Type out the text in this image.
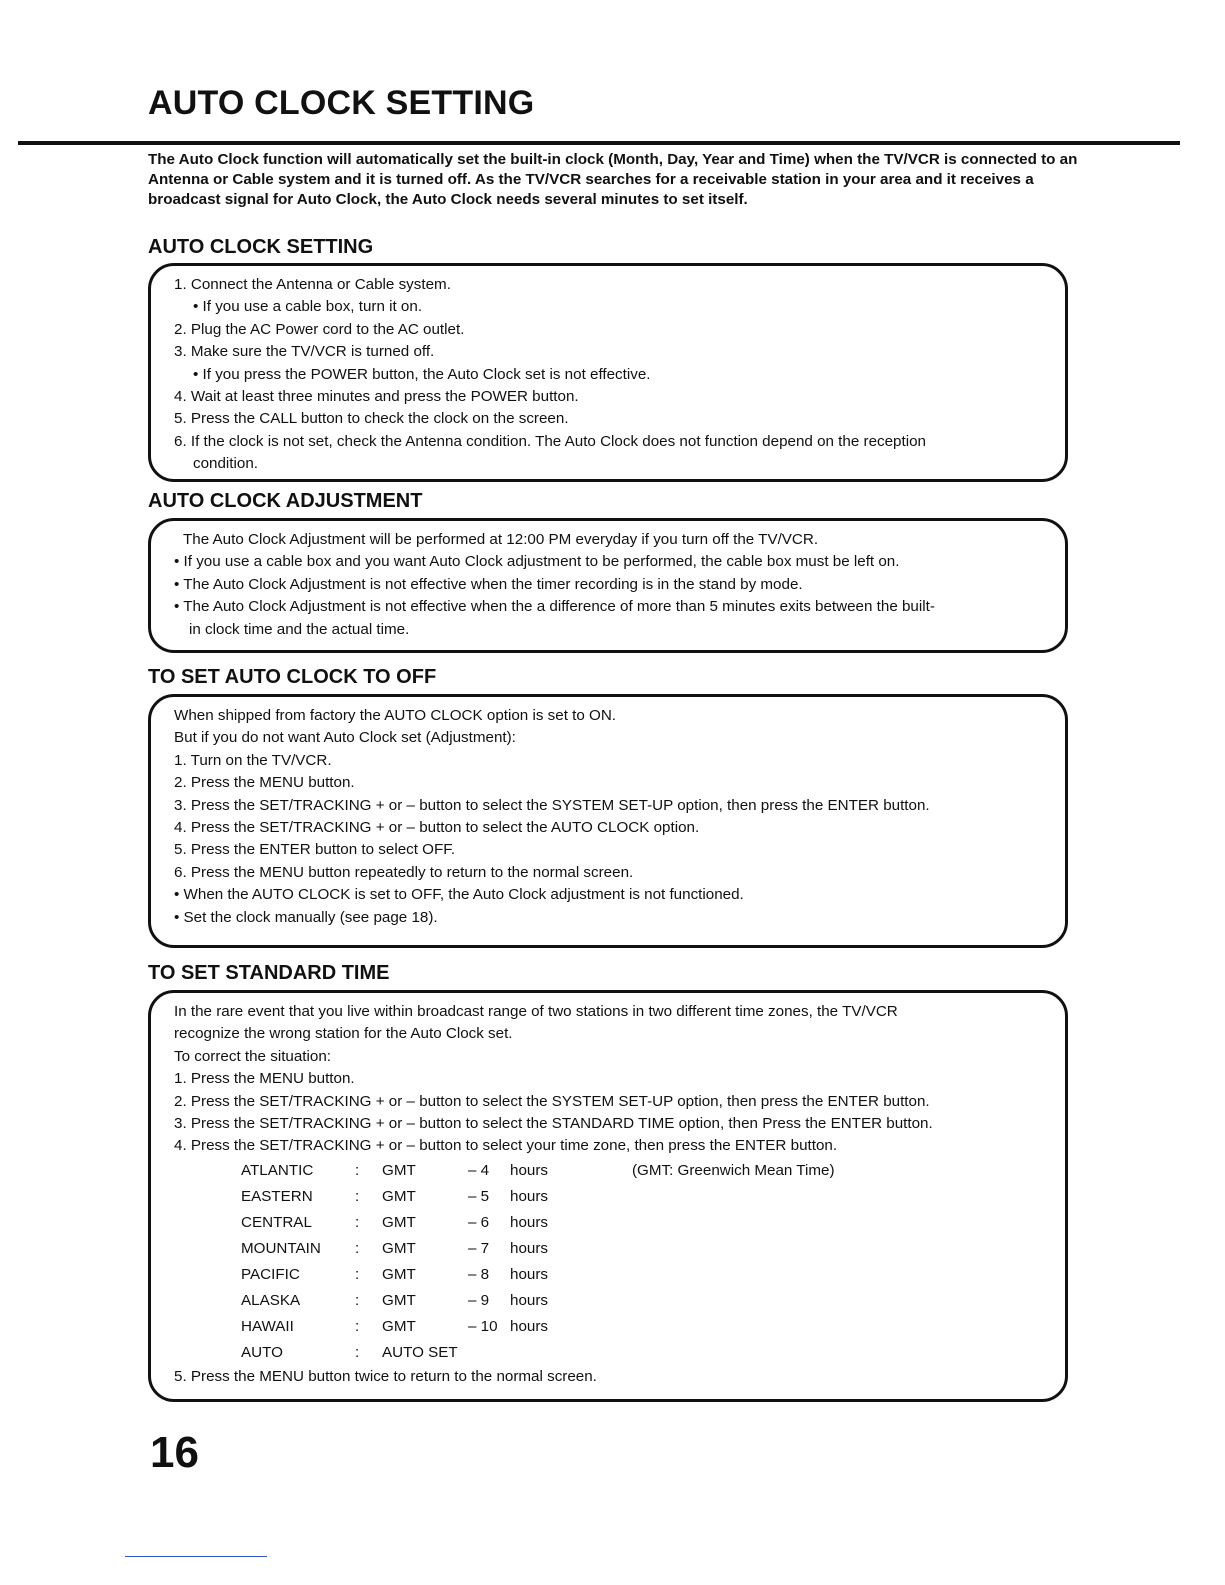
AUTO CLOCK SETTING

The Auto Clock function will automatically set the built-in clock (Month, Day, Year and Time) when the TV/VCR is connected to an Antenna or Cable system and it is turned off. As the TV/VCR searches for a receivable station in your area and it receives a broadcast signal for Auto Clock, the Auto Clock needs several minutes to set itself.

AUTO CLOCK SETTING

1. Connect the Antenna or Cable system.

• If you use a cable box, turn it on.

2. Plug the AC Power cord to the AC outlet.

3. Make sure the TV/VCR is turned off.

• If you press the POWER button, the Auto Clock set is not effective.

4. Wait at least three minutes and press the POWER button.

5. Press the CALL button to check the clock on the screen.

6. If the clock is not set, check the Antenna condition. The Auto Clock does not function depend on the reception

condition.

AUTO CLOCK ADJUSTMENT

The Auto Clock Adjustment will be performed at 12:00 PM everyday if you turn off the TV/VCR.

• If you use a cable box and you want Auto Clock adjustment to be performed, the cable box must be left on.

• The Auto Clock Adjustment is not effective when the timer recording is in the stand by mode.

• The Auto Clock Adjustment is not effective when the a difference of more than 5 minutes exits between the built-

in clock time and the actual time.

TO SET AUTO CLOCK TO OFF

When shipped from factory the AUTO CLOCK option is set to ON.

But if you do not want Auto Clock set (Adjustment):

1. Turn on the TV/VCR.

2. Press the MENU button.

3. Press the SET/TRACKING + or – button to select the SYSTEM SET-UP option, then press the ENTER button.

4. Press the SET/TRACKING + or – button to select the AUTO CLOCK option.

5. Press the ENTER button to select OFF.

6. Press the MENU button repeatedly to return to the normal screen.

• When the AUTO CLOCK is set to OFF, the Auto Clock adjustment is not functioned.

• Set the clock manually (see page 18).

TO SET STANDARD TIME

In the rare event that you live within broadcast range of two stations in two different time zones, the TV/VCR

recognize the wrong station for the Auto Clock set.

To correct the situation:

1. Press the MENU button.

2. Press the SET/TRACKING + or – button to select the SYSTEM SET-UP option, then press the ENTER button.

3. Press the SET/TRACKING + or – button to select the STANDARD TIME option, then Press the ENTER button.

4. Press the SET/TRACKING + or – button to select your time zone, then press the ENTER button.

ATLANTIC	:	GMT	– 4	hours	(GMT: Greenwich Mean Time)
EASTERN	:	GMT	– 5	hours	
CENTRAL	:	GMT	– 6	hours	
MOUNTAIN	:	GMT	– 7	hours	
PACIFIC	:	GMT	– 8	hours	
ALASKA	:	GMT	– 9	hours	
HAWAII	:	GMT	– 10	hours	
AUTO	:	AUTO SET			

5. Press the MENU button twice to return to the normal screen.

16
